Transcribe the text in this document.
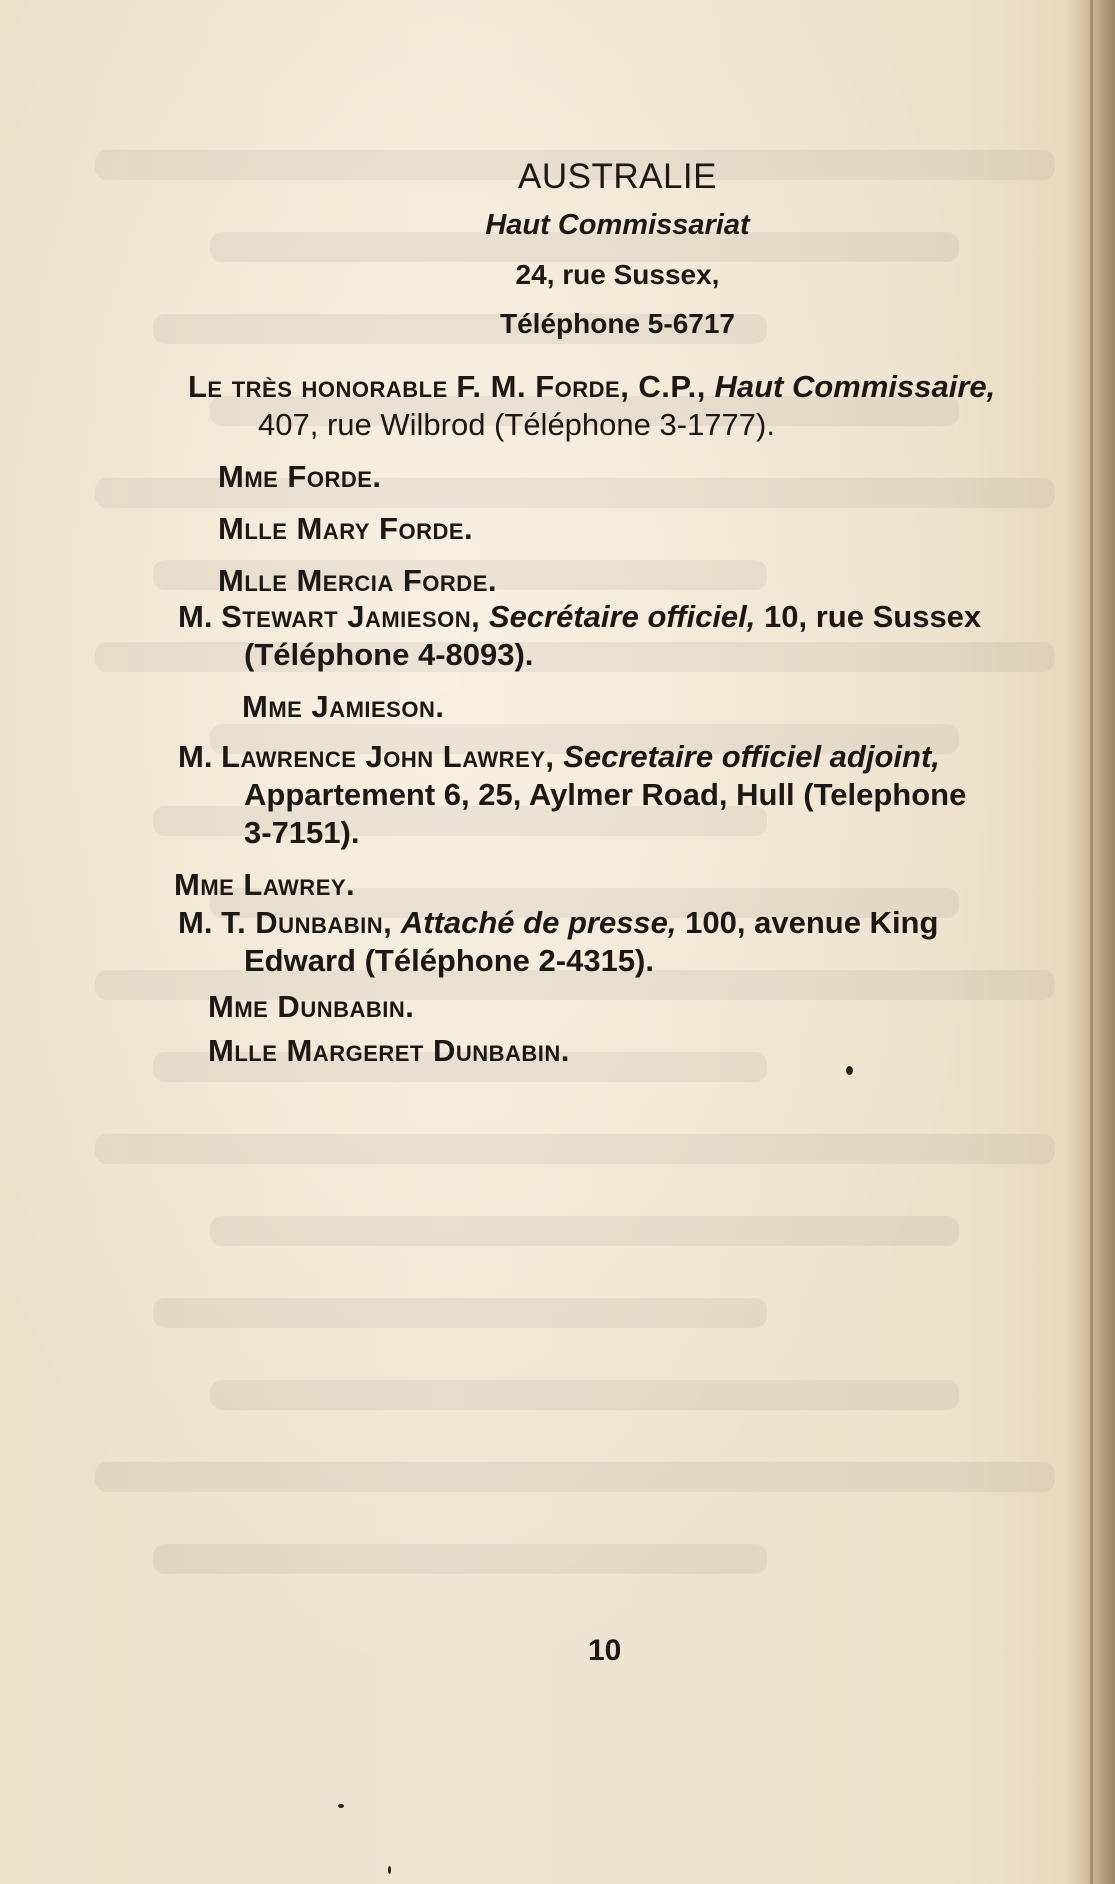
AUSTRALIE
Haut Commissariat
24, rue Sussex,
Téléphone 5-6717
Le très honorable F. M. Forde, C.P., Haut Commissaire,
407, rue Wilbrod (Téléphone 3-1777).
Mme Forde.
Mlle Mary Forde.
Mlle Mercia Forde.
M. Stewart Jamieson, Secrétaire officiel, 10, rue Sussex
(Téléphone 4-8093).
Mme Jamieson.
M. Lawrence John Lawrey, Secretaire officiel adjoint,
Appartement 6, 25, Aylmer Road, Hull (Telephone
3-7151).
Mme Lawrey.
M. T. Dunbabin, Attaché de presse, 100, avenue King
Edward (Téléphone 2-4315).
Mme Dunbabin.
Mlle Margeret Dunbabin.
10
